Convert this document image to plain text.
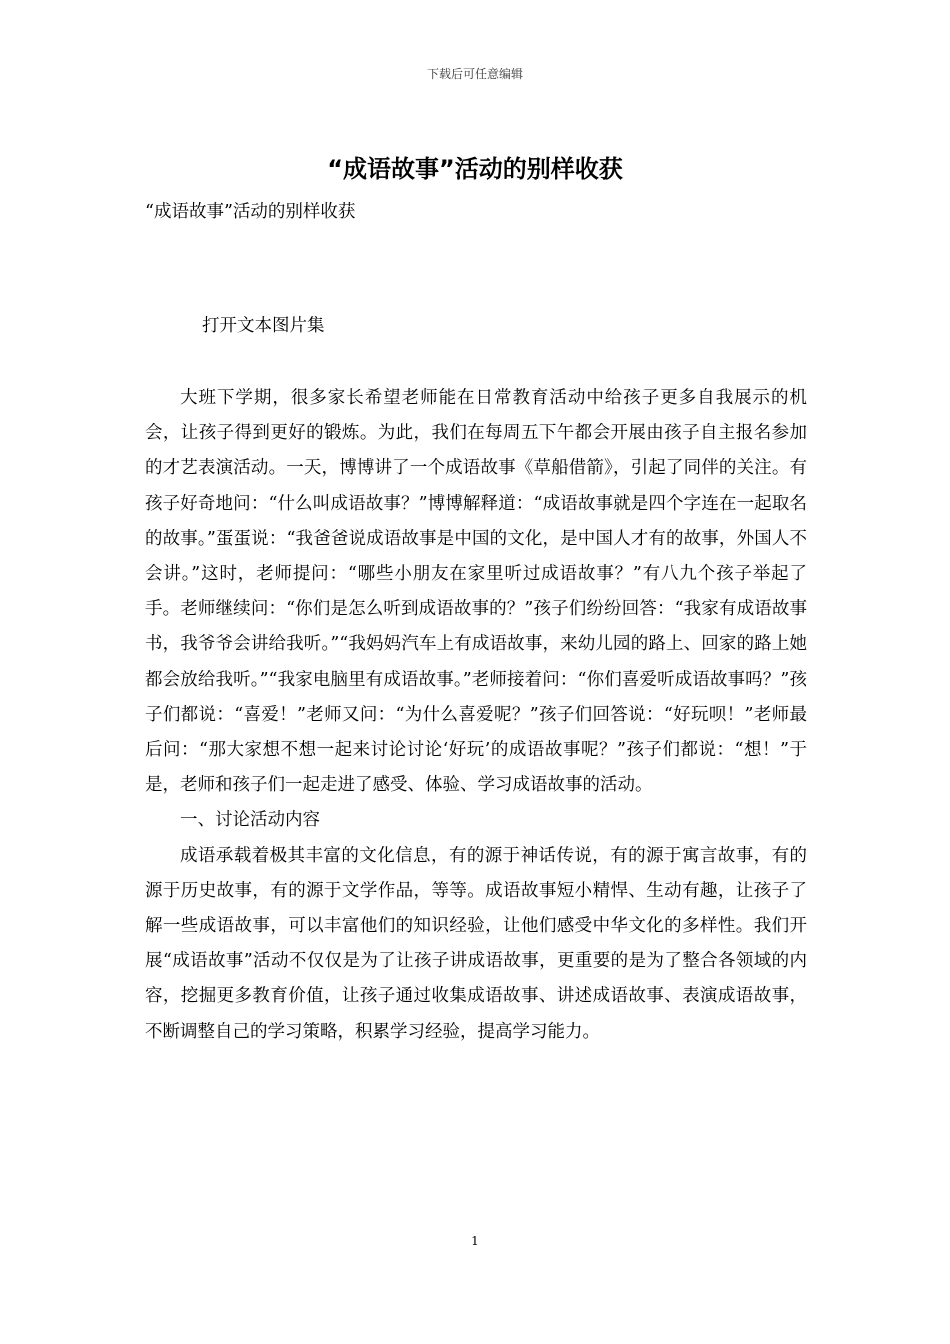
下载后可任意编辑
“成语故事”活动的别样收获
“成语故事”活动的别样收获
打开文本图片集

大班下学期，很多家长希望老师能在日常教育活动中给孩子更多自我展示的机会，让孩子得到更好的锻炼。为此，我们在每周五下午都会开展由孩子自主报名参加的才艺表演活动。一天，博博讲了一个成语故事《草船借箭》，引起了同伴的关注。有孩子好奇地问：“什么叫成语故事？”博博解释道：“成语故事就是四个字连在一起取名的故事。”蛋蛋说：“我爸爸说成语故事是中国的文化，是中国人才有的故事，外国人不会讲。”这时，老师提问：“哪些小朋友在家里听过成语故事？”有八九个孩子举起了手。老师继续问：“你们是怎么听到成语故事的？”孩子们纷纷回答：“我家有成语故事书，我爷爷会讲给我听。”“我妈妈汽车上有成语故事，来幼儿园的路上、回家的路上她都会放给我听。”“我家电脑里有成语故事。”老师接着问：“你们喜爱听成语故事吗？”孩子们都说：“喜爱！”老师又问：“为什么喜爱呢？”孩子们回答说：“好玩呗！”老师最后问：“那大家想不想一起来讨论讨论‘好玩’的成语故事呢？”孩子们都说：“想！”于是，老师和孩子们一起走进了感受、体验、学习成语故事的活动。

一、讨论活动内容

成语承载着极其丰富的文化信息，有的源于神话传说，有的源于寓言故事，有的源于历史故事，有的源于文学作品，等等。成语故事短小精悍、生动有趣，让孩子了解一些成语故事，可以丰富他们的知识经验，让他们感受中华文化的多样性。我们开展“成语故事”活动不仅仅是为了让孩子讲成语故事，更重要的是为了整合各领域的内容，挖掘更多教育价值，让孩子通过收集成语故事、讲述成语故事、表演成语故事，不断调整自己的学习策略，积累学习经验，提高学习能力。

1
